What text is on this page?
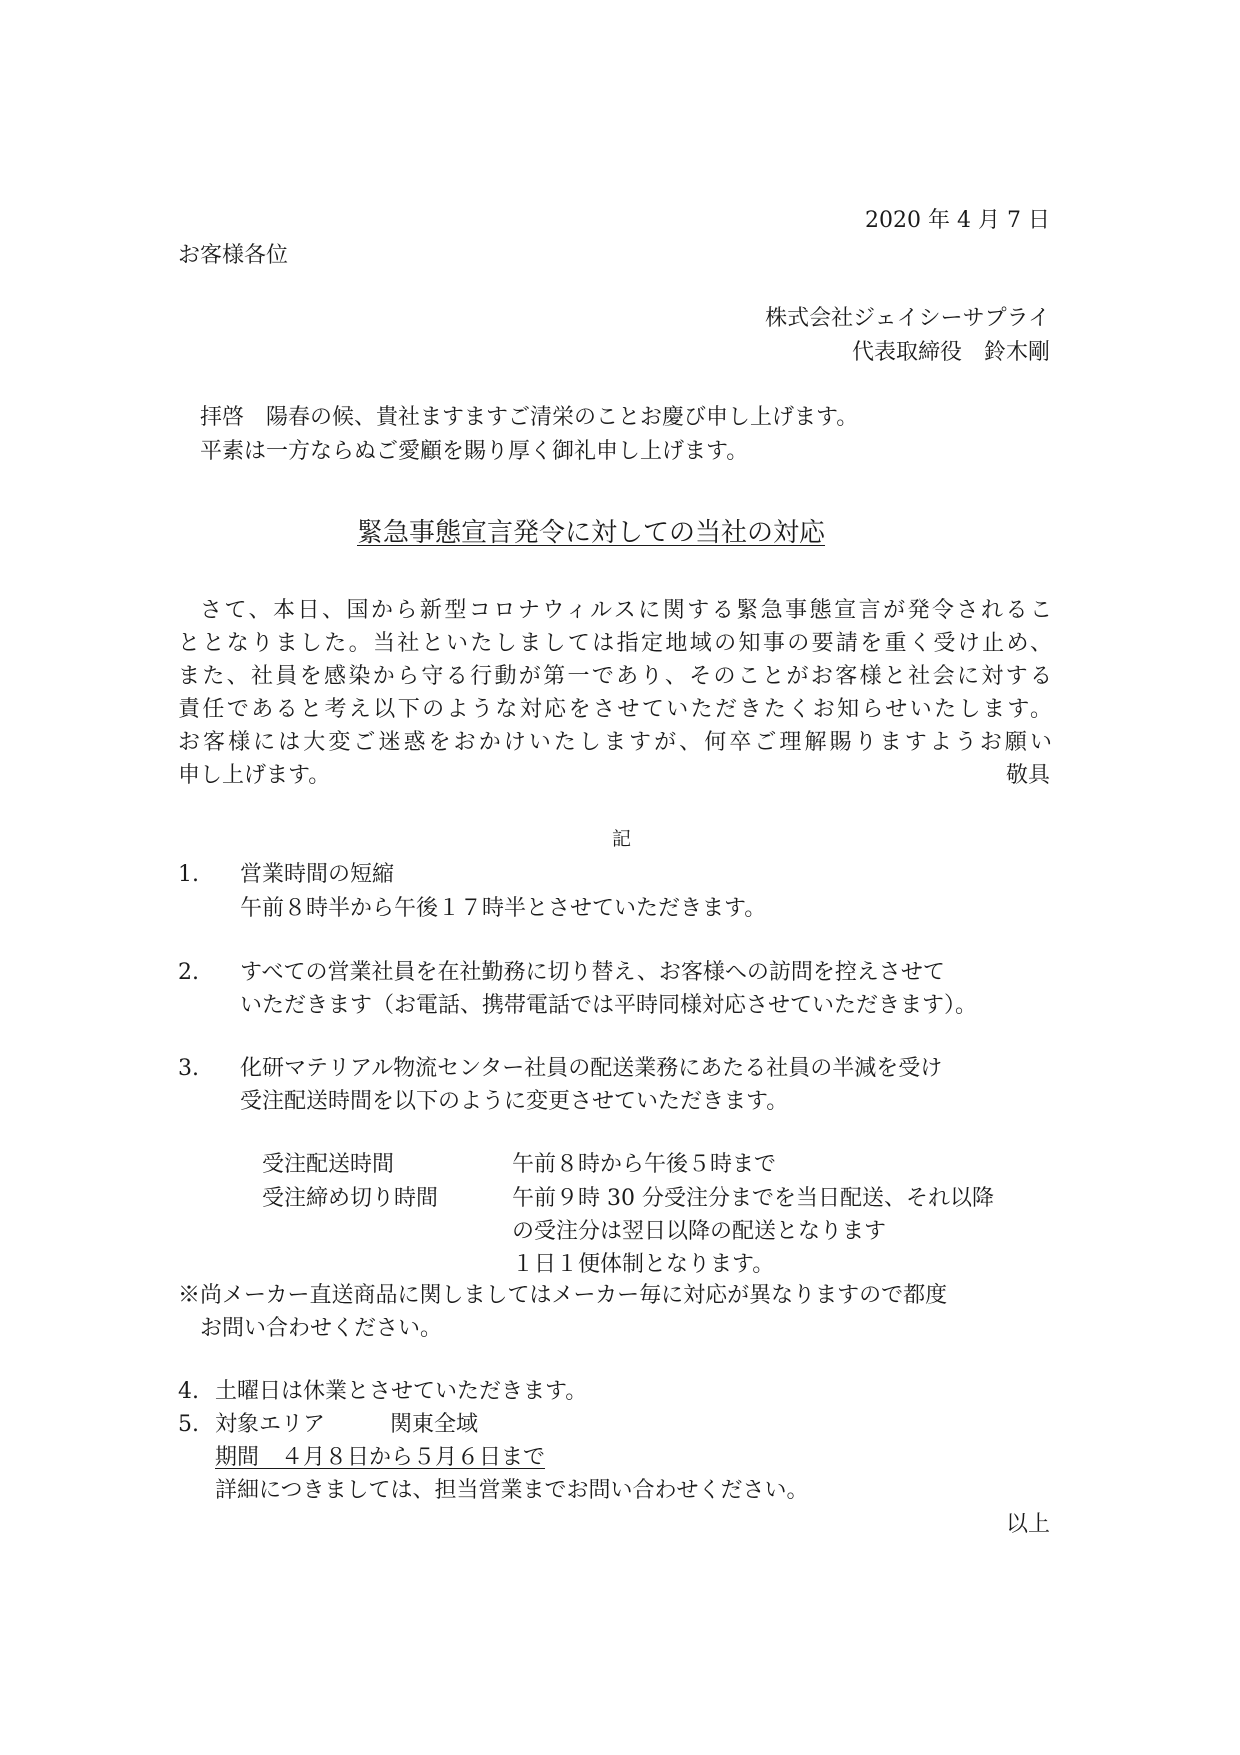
2020 年 4 月 7 日

お客様各位

株式会社ジェイシーサプライ

代表取締役　鈴木剛

拝啓　陽春の候、貴社ますますご清栄のことお慶び申し上げます。

平素は一方ならぬご愛顧を賜り厚く御礼申し上げます。

緊急事態宣言発令に対しての当社の対応

さて、本日、国から新型コロナウィルスに関する緊急事態宣言が発令されるこ

ととなりました。当社といたしましては指定地域の知事の要請を重く受け止め、

また、社員を感染から守る行動が第一であり、そのことがお客様と社会に対する

責任であると考え以下のような対応をさせていただきたくお知らせいたします。

お客様には大変ご迷惑をおかけいたしますが、何卒ご理解賜りますようお願い

申し上げます。	敬具

記

1. 営業時間の短縮

午前８時半から午後１７時半とさせていただきます。

2. すべての営業社員を在社勤務に切り替え、お客様への訪問を控えさせて

いただきます（お電話、携帯電話では平時同様対応させていただきます）。

3. 化研マテリアル物流センター社員の配送業務にあたる社員の半減を受け

受注配送時間を以下のように変更させていただきます。

受注配送時間	午前８時から午後５時まで

受注締め切り時間	午前９時 30 分受注分までを当日配送、それ以降

の受注分は翌日以降の配送となります

１日１便体制となります。

※尚メーカー直送商品に関しましてはメーカー毎に対応が異なりますので都度

お問い合わせください。

4. 土曜日は休業とさせていただきます。

5. 対象エリア	関東全域

期間　４月８日から５月６日まで

詳細につきましては、担当営業までお問い合わせください。

以上
